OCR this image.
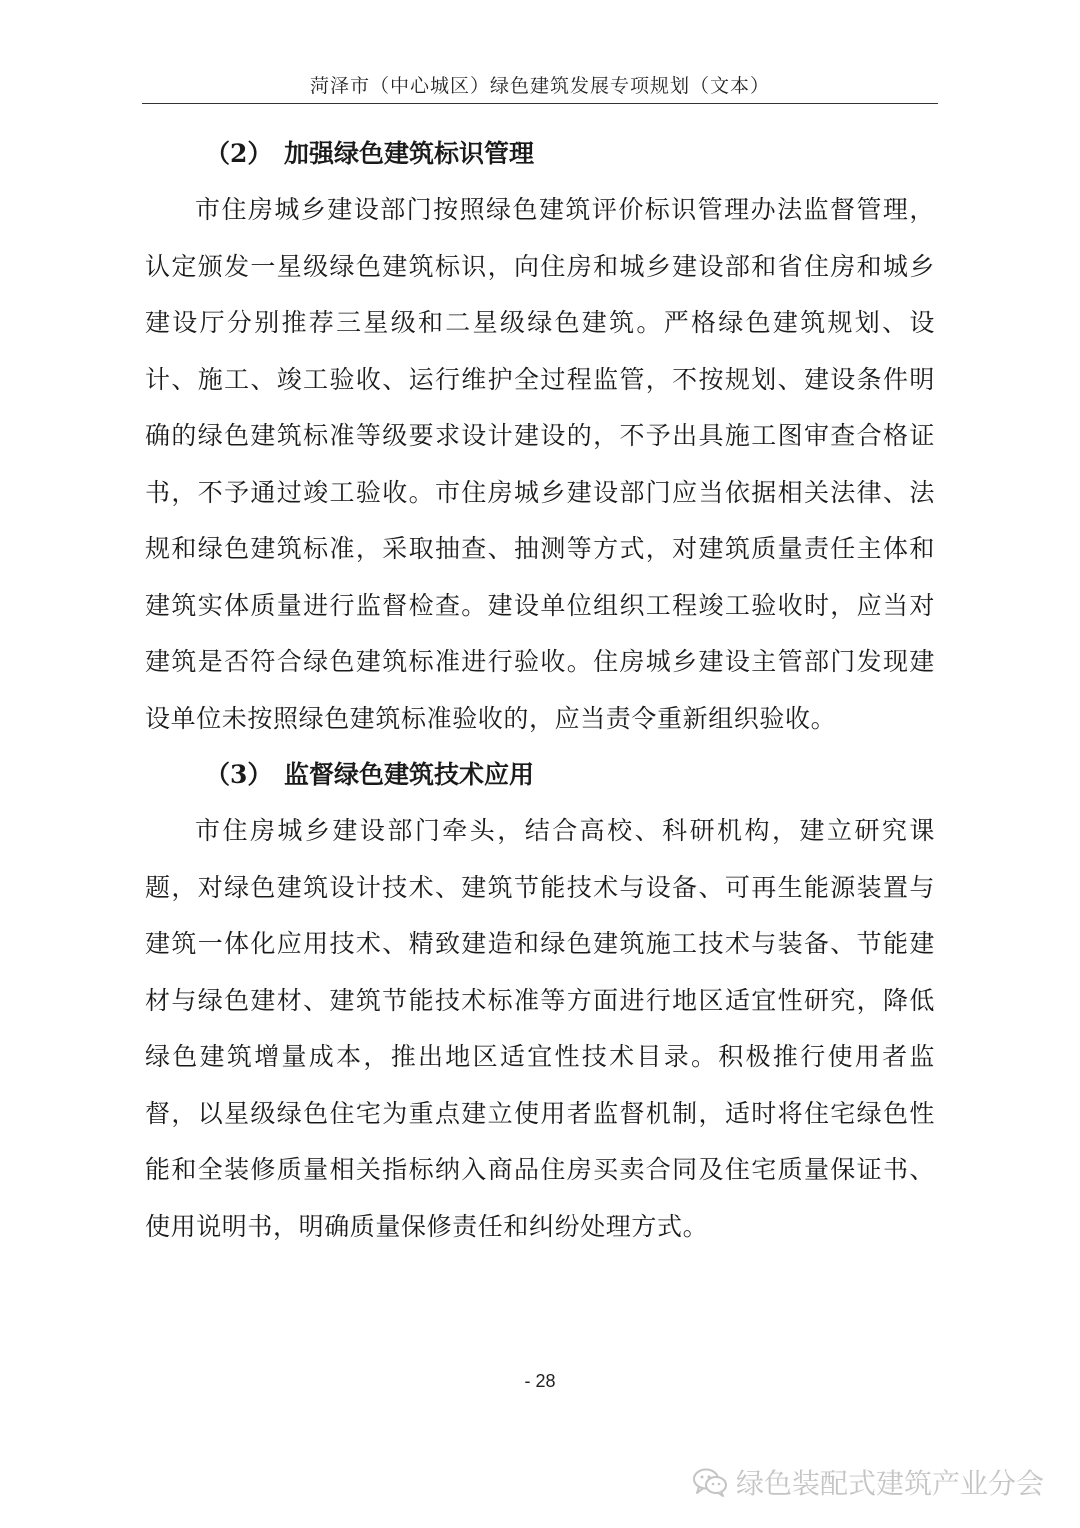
菏泽市（中心城区）绿色建筑发展专项规划（文本）
（2） 加强绿色建筑标识管理

市住房城乡建设部门按照绿色建筑评价标识管理办法监督管理，认定颁发一星级绿色建筑标识，向住房和城乡建设部和省住房和城乡建设厅分别推荐三星级和二星级绿色建筑。严格绿色建筑规划、设计、施工、竣工验收、运行维护全过程监管，不按规划、建设条件明确的绿色建筑标准等级要求设计建设的，不予出具施工图审查合格证书，不予通过竣工验收。市住房城乡建设部门应当依据相关法律、法规和绿色建筑标准，采取抽查、抽测等方式，对建筑质量责任主体和建筑实体质量进行监督检查。建设单位组织工程竣工验收时，应当对建筑是否符合绿色建筑标准进行验收。住房城乡建设主管部门发现建设单位未按照绿色建筑标准验收的，应当责令重新组织验收。

（3） 监督绿色建筑技术应用

市住房城乡建设部门牵头，结合高校、科研机构，建立研究课题，对绿色建筑设计技术、建筑节能技术与设备、可再生能源装置与建筑一体化应用技术、精致建造和绿色建筑施工技术与装备、节能建材与绿色建材、建筑节能技术标准等方面进行地区适宜性研究，降低绿色建筑增量成本，推出地区适宜性技术目录。积极推行使用者监督，以星级绿色住宅为重点建立使用者监督机制，适时将住宅绿色性能和全装修质量相关指标纳入商品住房买卖合同及住宅质量保证书、使用说明书，明确质量保修责任和纠纷处理方式。

- 28
绿色装配式建筑产业分会
